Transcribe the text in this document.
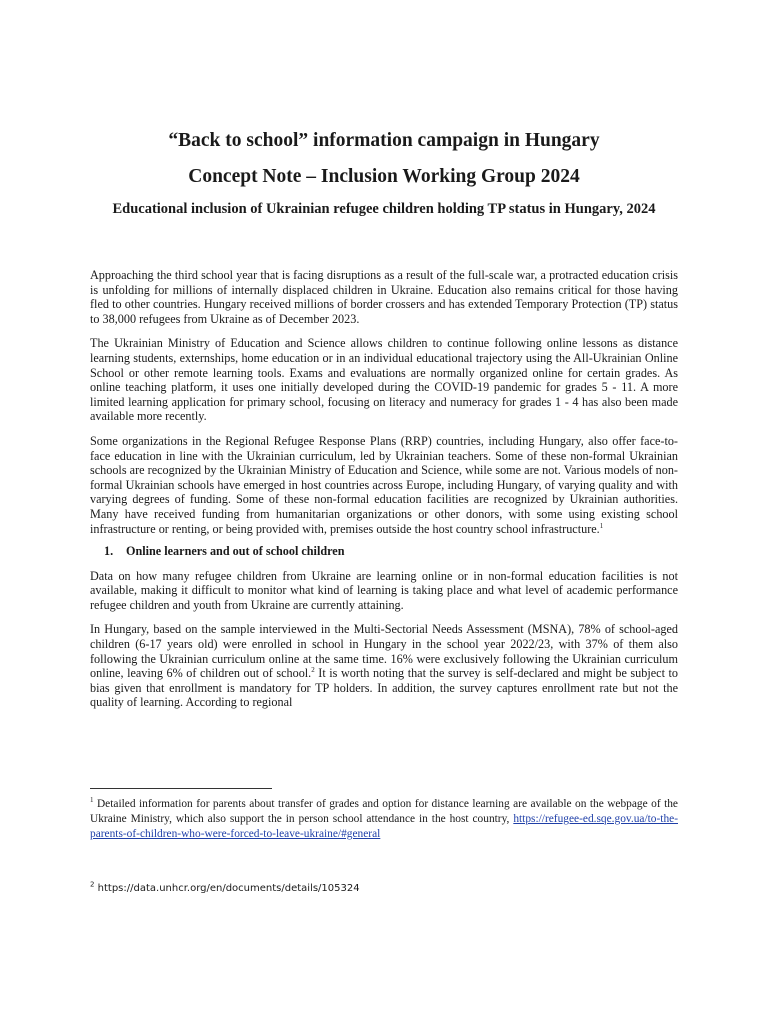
“Back to school” information campaign in Hungary
Concept Note – Inclusion Working Group 2024
Educational inclusion of Ukrainian refugee children holding TP status in Hungary, 2024

Approaching the third school year that is facing disruptions as a result of the full-scale war, a protracted education crisis is unfolding for millions of internally displaced children in Ukraine. Education also remains critical for those having fled to other countries. Hungary received millions of border crossers and has extended Temporary Protection (TP) status to 38,000 refugees from Ukraine as of December 2023.

The Ukrainian Ministry of Education and Science allows children to continue following online lessons as distance learning students, externships, home education or in an individual educational trajectory using the All-Ukrainian Online School or other remote learning tools. Exams and evaluations are normally organized online for certain grades. As online teaching platform, it uses one initially developed during the COVID-19 pandemic for grades 5 - 11. A more limited learning application for primary school, focusing on literacy and numeracy for grades 1 - 4 has also been made available more recently.

Some organizations in the Regional Refugee Response Plans (RRP) countries, including Hungary, also offer face-to-face education in line with the Ukrainian curriculum, led by Ukrainian teachers. Some of these non-formal Ukrainian schools are recognized by the Ukrainian Ministry of Education and Science, while some are not. Various models of non-formal Ukrainian schools have emerged in host countries across Europe, including Hungary, of varying quality and with varying degrees of funding. Some of these non-formal education facilities are recognized by Ukrainian authorities. Many have received funding from humanitarian organizations or other donors, with some using existing school infrastructure or renting, or being provided with, premises outside the host country school infrastructure.$^1$

1. Online learners and out of school children

Data on how many refugee children from Ukraine are learning online or in non-formal education facilities is not available, making it difficult to monitor what kind of learning is taking place and what level of academic performance refugee children and youth from Ukraine are currently attaining.

In Hungary, based on the sample interviewed in the Multi-Sectorial Needs Assessment (MSNA), 78% of school-aged children (6-17 years old) were enrolled in school in Hungary in the school year 2022/23, with 37% of them also following the Ukrainian curriculum online at the same time. 16% were exclusively following the Ukrainian curriculum online, leaving 6% of children out of school.$^2$ It is worth noting that the survey is self-declared and might be subject to bias given that enrollment is mandatory for TP holders. In addition, the survey captures enrollment rate but not the quality of learning. According to regional

$^1$ Detailed information for parents about transfer of grades and option for distance learning are available on the webpage of the Ukraine Ministry, which also support the in person school attendance in the host country, https://refugee-ed.sqe.gov.ua/to-the-parents-of-children-who-were-forced-to-leave-ukraine/#general
$^2$ https://data.unhcr.org/en/documents/details/105324
